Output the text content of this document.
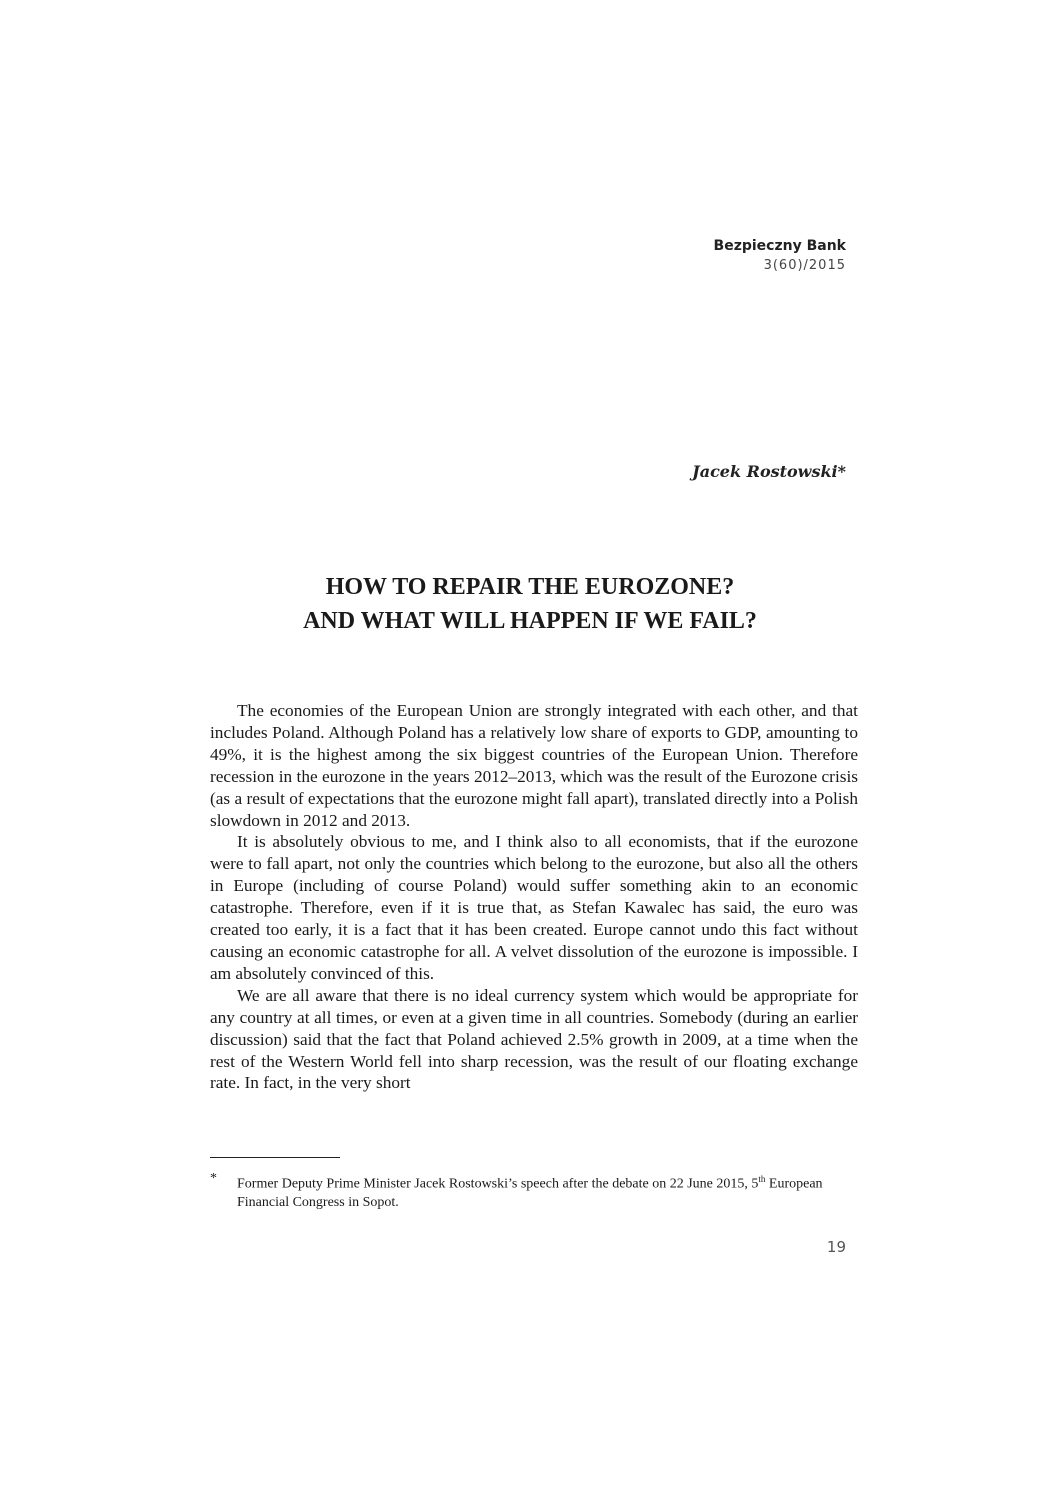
Bezpieczny Bank
3(60)/2015
Jacek Rostowski*
HOW TO REPAIR THE EUROZONE?
AND WHAT WILL HAPPEN IF WE FAIL?

The economies of the European Union are strongly integrated with each other, and that includes Poland. Although Poland has a relatively low share of exports to GDP, amounting to 49%, it is the highest among the six biggest countries of the European Union. Therefore recession in the eurozone in the years 2012–2013, which was the result of the Eurozone crisis (as a result of expectations that the eurozone might fall apart), translated directly into a Polish slowdown in 2012 and 2013.

It is absolutely obvious to me, and I think also to all economists, that if the eurozone were to fall apart, not only the countries which belong to the eurozone, but also all the others in Europe (including of course Poland) would suffer something akin to an economic catastrophe. Therefore, even if it is true that, as Stefan Kawalec has said, the euro was created too early, it is a fact that it has been created. Europe cannot undo this fact without causing an economic catastrophe for all. A velvet dissolution of the eurozone is impossible. I am absolutely convinced of this.

We are all aware that there is no ideal currency system which would be appropriate for any country at all times, or even at a given time in all countries. Somebody (during an earlier discussion) said that the fact that Poland achieved 2.5% growth in 2009, at a time when the rest of the Western World fell into sharp recession, was the result of our floating exchange rate. In fact, in the very short

*	Former Deputy Prime Minister Jacek Rostowski’s speech after the debate on 22 June 2015, 5th European Financial Congress in Sopot.
19
